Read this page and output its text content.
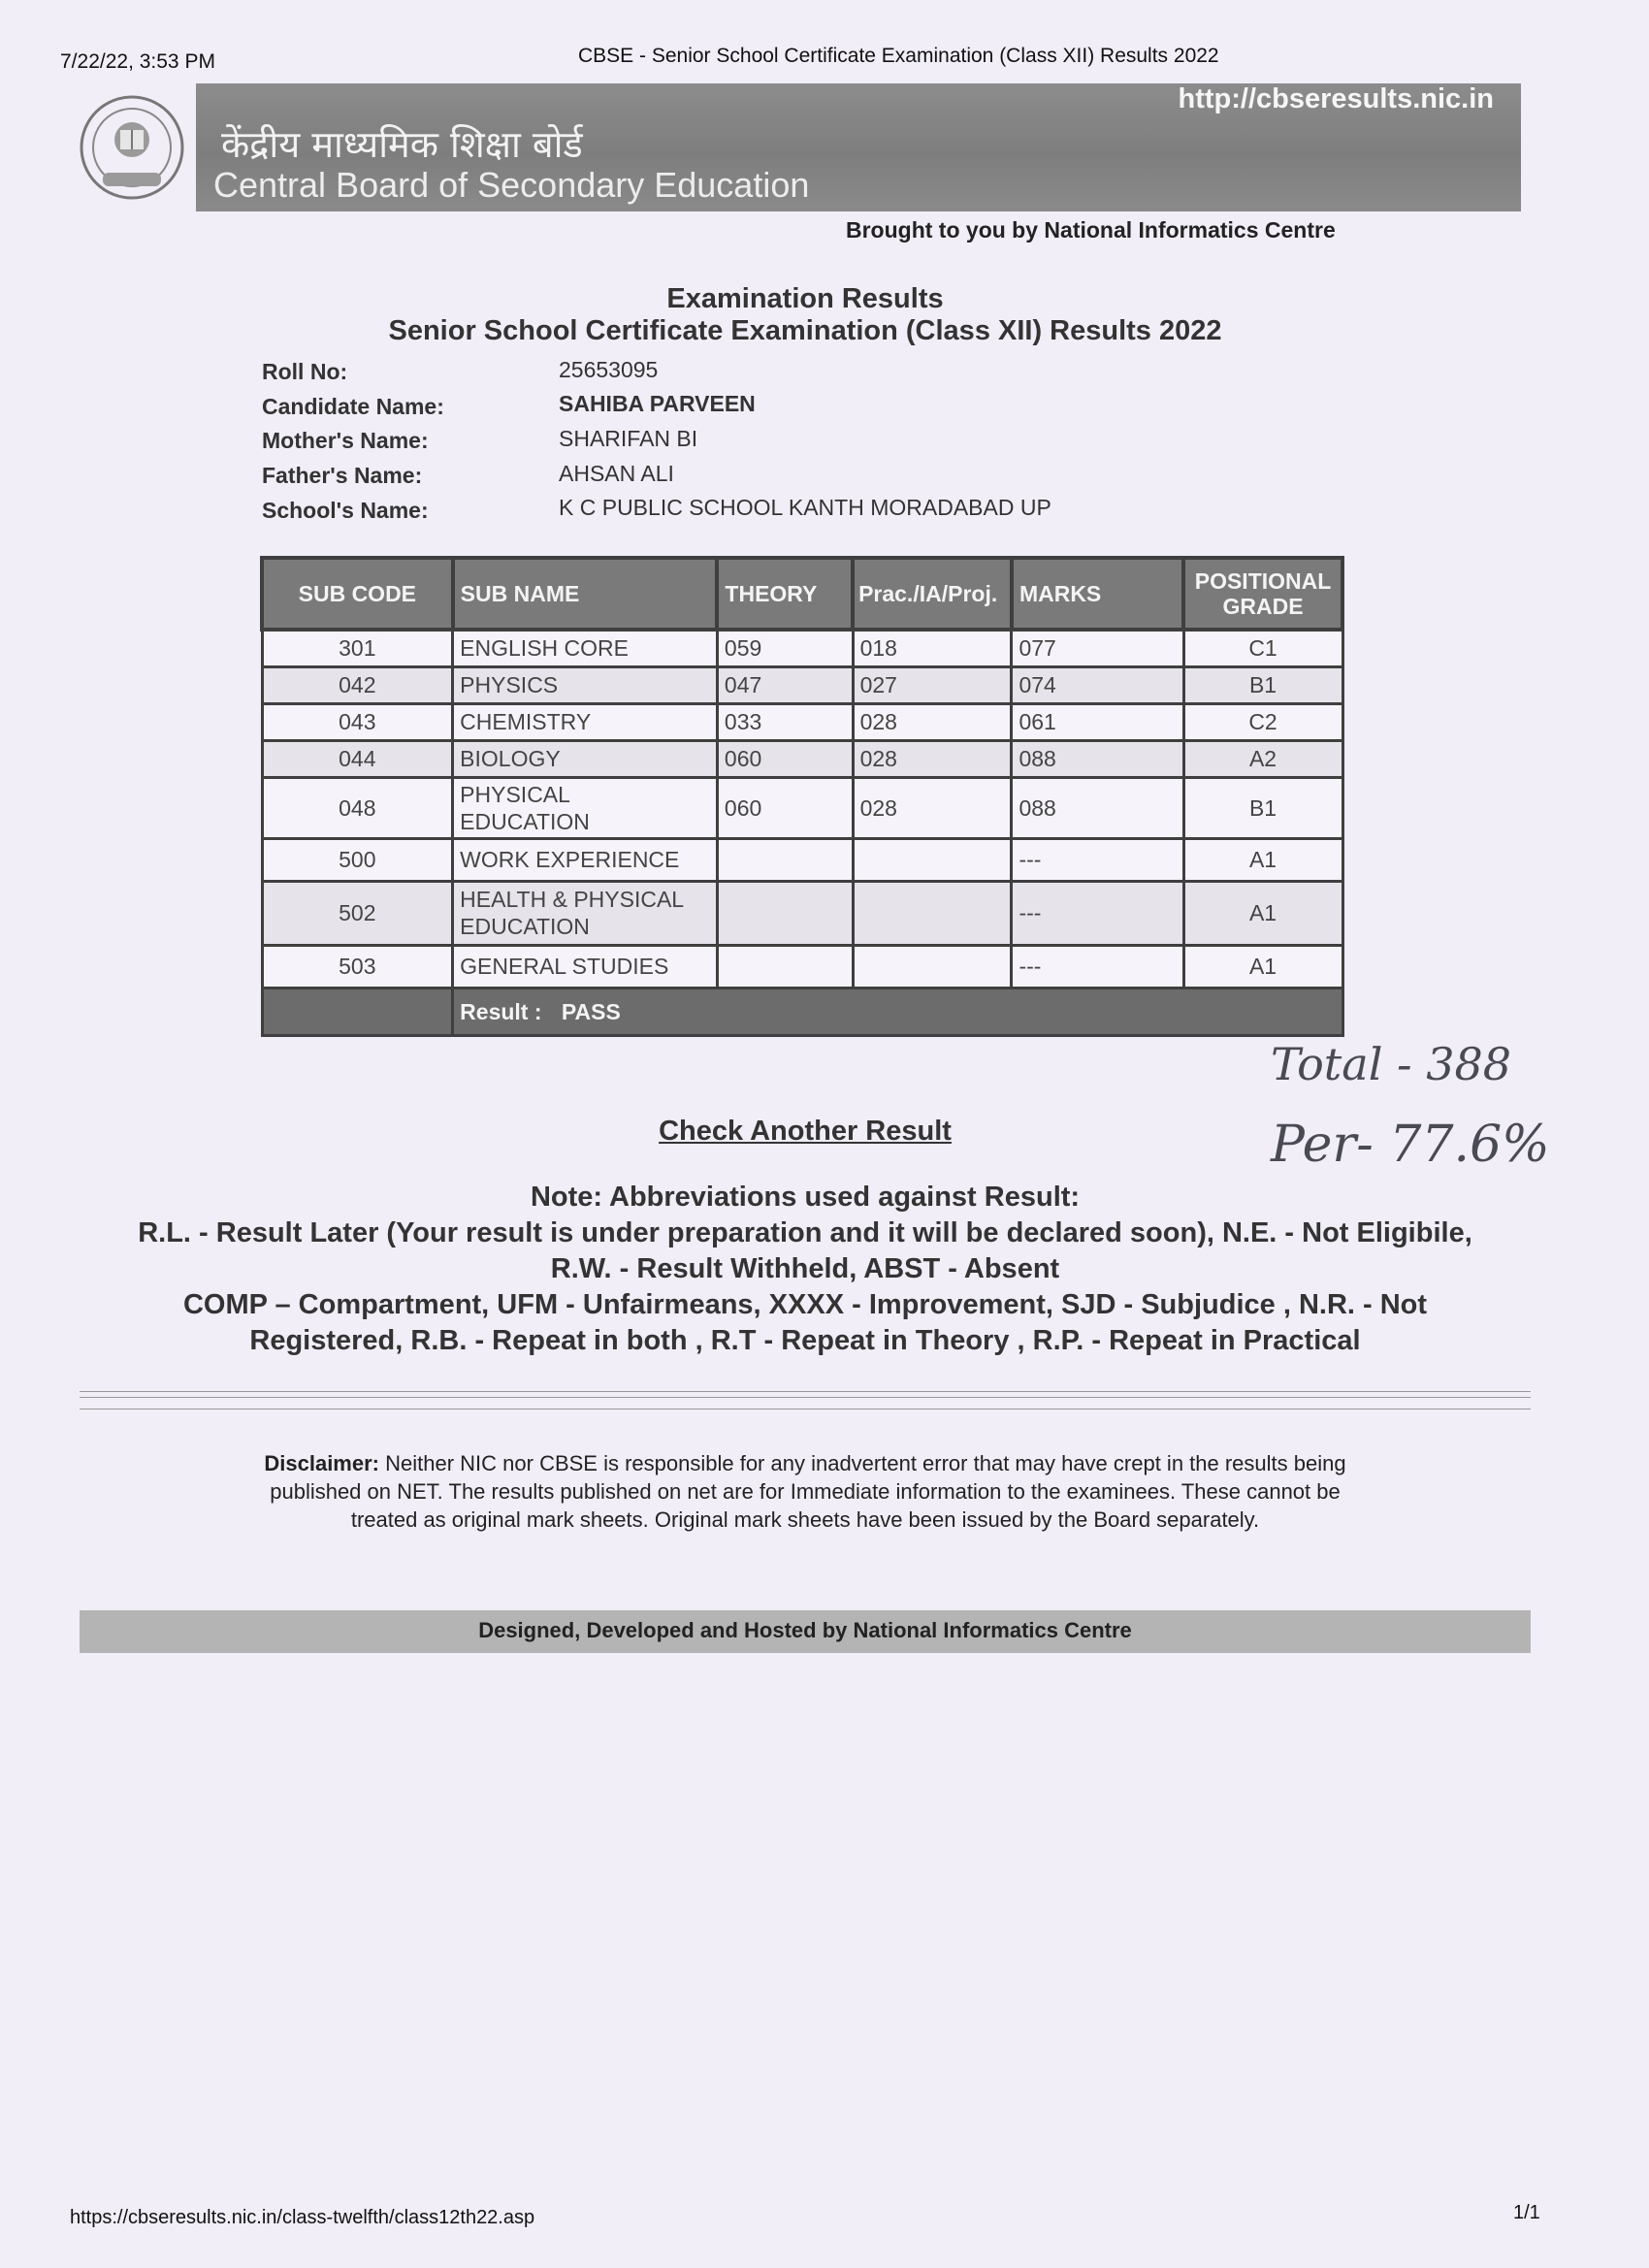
7/22/22, 3:53 PM	CBSE - Senior School Certificate Examination (Class XII) Results 2022
http://cbseresults.nic.in
केंद्रीय माध्यमिक शिक्षा बोर्ड
Central Board of Secondary Education
Brought to you by National Informatics Centre
Examination Results
Senior School Certificate Examination (Class XII) Results 2022
Roll No:	25653095
Candidate Name:	SAHIBA PARVEEN
Mother's Name:	SHARIFAN BI
Father's Name:	AHSAN ALI
School's Name:	K C PUBLIC SCHOOL KANTH MORADABAD UP
SUB CODE	SUB NAME	THEORY	Prac./IA/Proj.	MARKS	POSITIONAL
GRADE
301	ENGLISH CORE	059	018	077	C1
042	PHYSICS	047	027	074	B1
043	CHEMISTRY	033	028	061	C2
044	BIOLOGY	060	028	088	A2
048	PHYSICAL
EDUCATION	060	028	088	B1
500	WORK EXPERIENCE			---	A1
502	HEALTH & PHYSICAL
EDUCATION			---	A1
503	GENERAL STUDIES			---	A1
	Result : PASS				
Total - 388
Per- 77.6%
Check Another Result
Note: Abbreviations used against Result:
R.L. - Result Later (Your result is under preparation and it will be declared soon), N.E. - Not Eligibile,
R.W. - Result Withheld, ABST - Absent
COMP – Compartment, UFM - Unfairmeans, XXXX - Improvement, SJD - Subjudice , N.R. - Not
Registered, R.B. - Repeat in both , R.T - Repeat in Theory , R.P. - Repeat in Practical
Disclaimer: Neither NIC nor CBSE is responsible for any inadvertent error that may have crept in the results being published on NET. The results published on net are for Immediate information to the examinees. These cannot be treated as original mark sheets. Original mark sheets have been issued by the Board separately.
Designed, Developed and Hosted by National Informatics Centre
https://cbseresults.nic.in/class-twelfth/class12th22.asp	1/1
